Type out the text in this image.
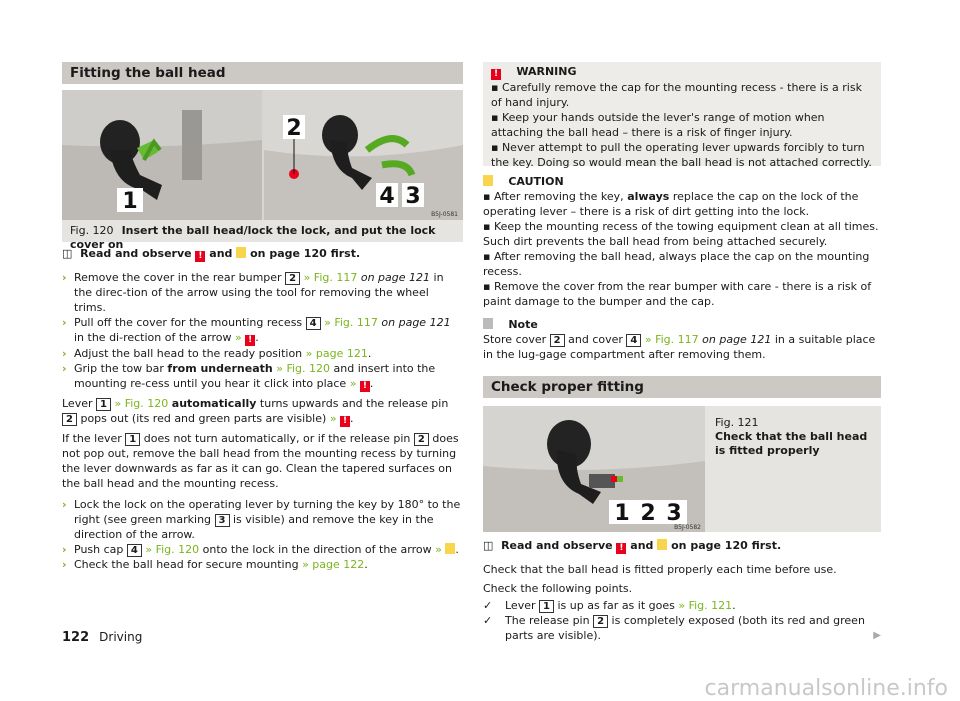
Fitting the ball head
1
2
4 3
B5J-0581
Fig. 120 Insert the ball head/lock the lock, and put the lock cover on

◫ Read and observe ! and on page 120 first.

› Remove the cover in the rear bumper 2 » Fig. 117 on page 121 in the direc-tion of the arrow using the tool for removing the wheel trims.
› Pull off the cover for the mounting recess 4 » Fig. 117 on page 121 in the di-rection of the arrow » ! .
› Adjust the ball head to the ready position » page 121.
› Grip the tow bar from underneath » Fig. 120 and insert into the mounting re-cess until you hear it click into place » ! .

Lever 1 » Fig. 120 automatically turns upwards and the release pin 2 pops out (its red and green parts are visible) » ! .

If the lever 1 does not turn automatically, or if the release pin 2 does not pop out, remove the ball head from the mounting recess by turning the lever downwards as far as it can go. Clean the tapered surfaces on the ball head and the mounting recess.

› Lock the lock on the operating lever by turning the key by 180° to the right (see green marking 3 is visible) and remove the key in the direction of the arrow.
› Push cap 4 » Fig. 120 onto the lock in the direction of the arrow » .
› Check the ball head for secure mounting » page 122.
! WARNING
▪ Carefully remove the cap for the mounting recess - there is a risk of hand injury.
▪ Keep your hands outside the lever's range of motion when attaching the ball head – there is a risk of finger injury.
▪ Never attempt to pull the operating lever upwards forcibly to turn the key. Doing so would mean the ball head is not attached correctly.
CAUTION
▪ After removing the key, always replace the cap on the lock of the operating lever – there is a risk of dirt getting into the lock.
▪ Keep the mounting recess of the towing equipment clean at all times. Such dirt prevents the ball head from being attached securely.
▪ After removing the ball head, always place the cap on the mounting recess.
▪ Remove the cover from the rear bumper with care - there is a risk of paint damage to the bumper and the cap.
Note

Store cover 2 and cover 4 » Fig. 117 on page 121 in a suitable place in the lug-gage compartment after removing them.

Check proper fitting
1 2 3
B5J-0582
Fig. 121
Check that the ball head is fitted properly

◫ Read and observe ! and on page 120 first.

Check that the ball head is fitted properly each time before use.

Check the following points.

✓ Lever 1 is up as far as it goes » Fig. 121.
✓ The release pin 2 is completely exposed (both its red and green parts are visible).	▶
122 Driving
carmanualsonline.info
